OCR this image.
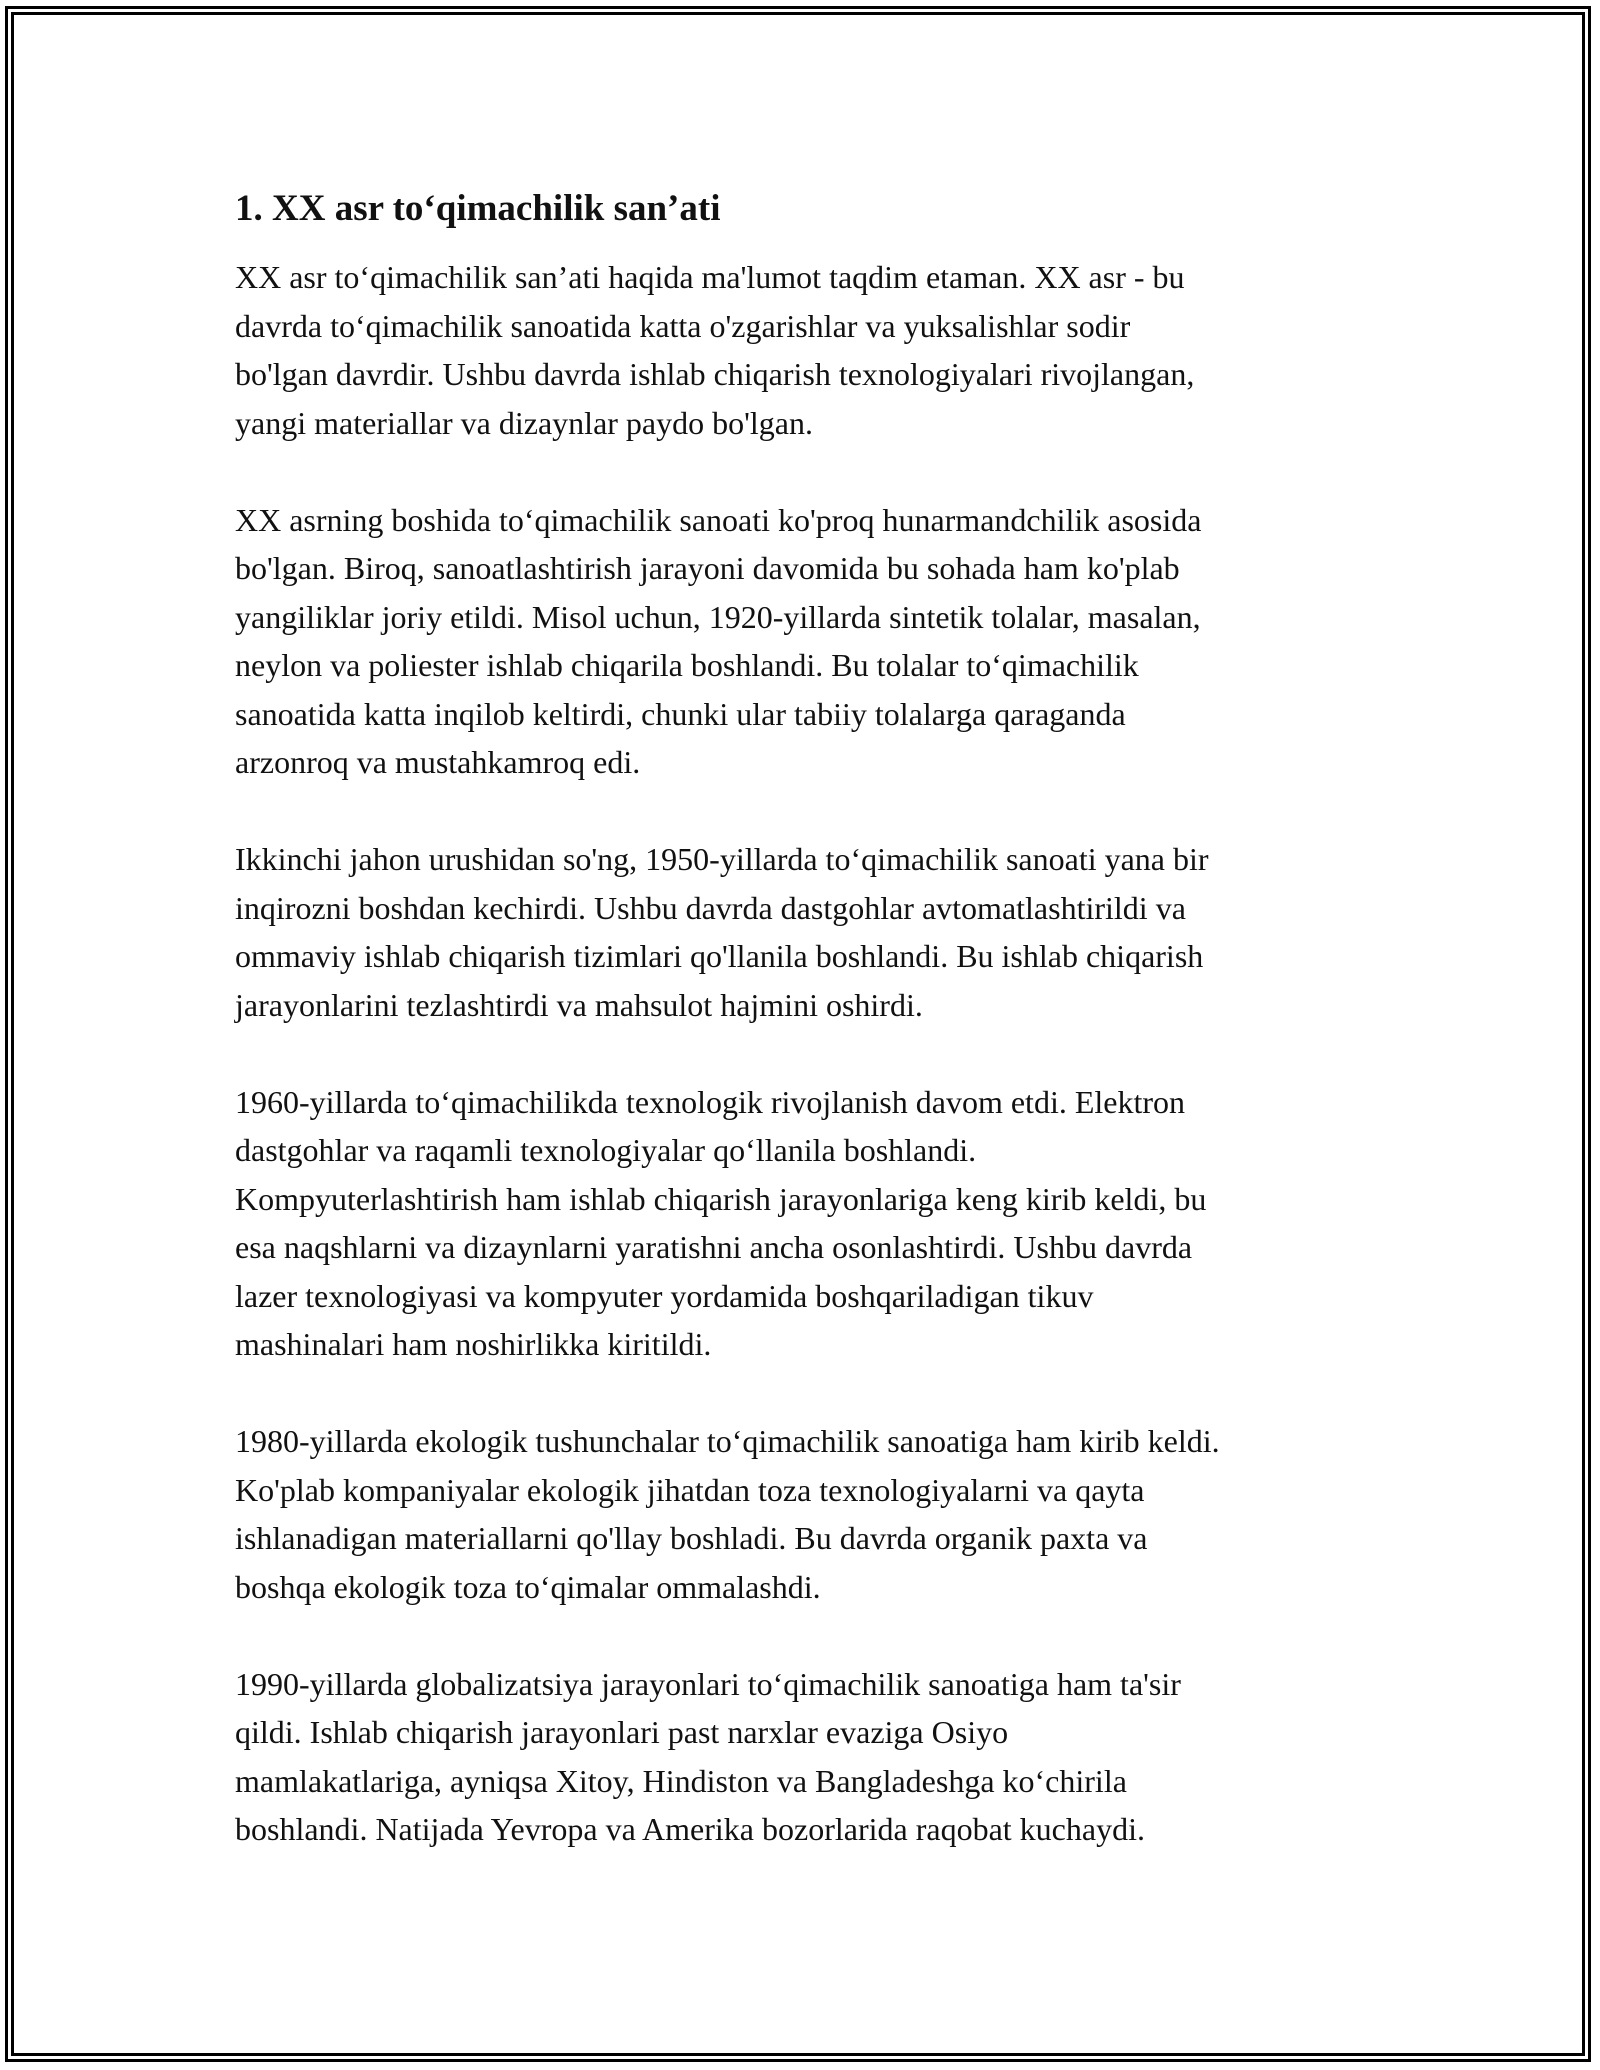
1. XX asr to‘qimachilik san’ati

XX asr to‘qimachilik san’ati haqida ma'lumot taqdim etaman. XX asr - bu
davrda to‘qimachilik sanoatida katta o'zgarishlar va yuksalishlar sodir
bo'lgan davrdir. Ushbu davrda ishlab chiqarish texnologiyalari rivojlangan,
yangi materiallar va dizaynlar paydo bo'lgan.

XX asrning boshida to‘qimachilik sanoati ko'proq hunarmandchilik asosida
bo'lgan. Biroq, sanoatlashtirish jarayoni davomida bu sohada ham ko'plab
yangiliklar joriy etildi. Misol uchun, 1920-yillarda sintetik tolalar, masalan,
neylon va poliester ishlab chiqarila boshlandi. Bu tolalar to‘qimachilik
sanoatida katta inqilob keltirdi, chunki ular tabiiy tolalarga qaraganda
arzonroq va mustahkamroq edi.

Ikkinchi jahon urushidan so'ng, 1950-yillarda to‘qimachilik sanoati yana bir
inqirozni boshdan kechirdi. Ushbu davrda dastgohlar avtomatlashtirildi va
ommaviy ishlab chiqarish tizimlari qo'llanila boshlandi. Bu ishlab chiqarish
jarayonlarini tezlashtirdi va mahsulot hajmini oshirdi.

1960-yillarda to‘qimachilikda texnologik rivojlanish davom etdi. Elektron
dastgohlar va raqamli texnologiyalar qo‘llanila boshlandi.
Kompyuterlashtirish ham ishlab chiqarish jarayonlariga keng kirib keldi, bu
esa naqshlarni va dizaynlarni yaratishni ancha osonlashtirdi. Ushbu davrda
lazer texnologiyasi va kompyuter yordamida boshqariladigan tikuv
mashinalari ham noshirlikka kiritildi.

1980-yillarda ekologik tushunchalar to‘qimachilik sanoatiga ham kirib keldi.
Ko'plab kompaniyalar ekologik jihatdan toza texnologiyalarni va qayta
ishlanadigan materiallarni qo'llay boshladi. Bu davrda organik paxta va
boshqa ekologik toza to‘qimalar ommalashdi.

1990-yillarda globalizatsiya jarayonlari to‘qimachilik sanoatiga ham ta'sir
qildi. Ishlab chiqarish jarayonlari past narxlar evaziga Osiyo
mamlakatlariga, ayniqsa Xitoy, Hindiston va Bangladeshga ko‘chirila
boshlandi. Natijada Yevropa va Amerika bozorlarida raqobat kuchaydi.
